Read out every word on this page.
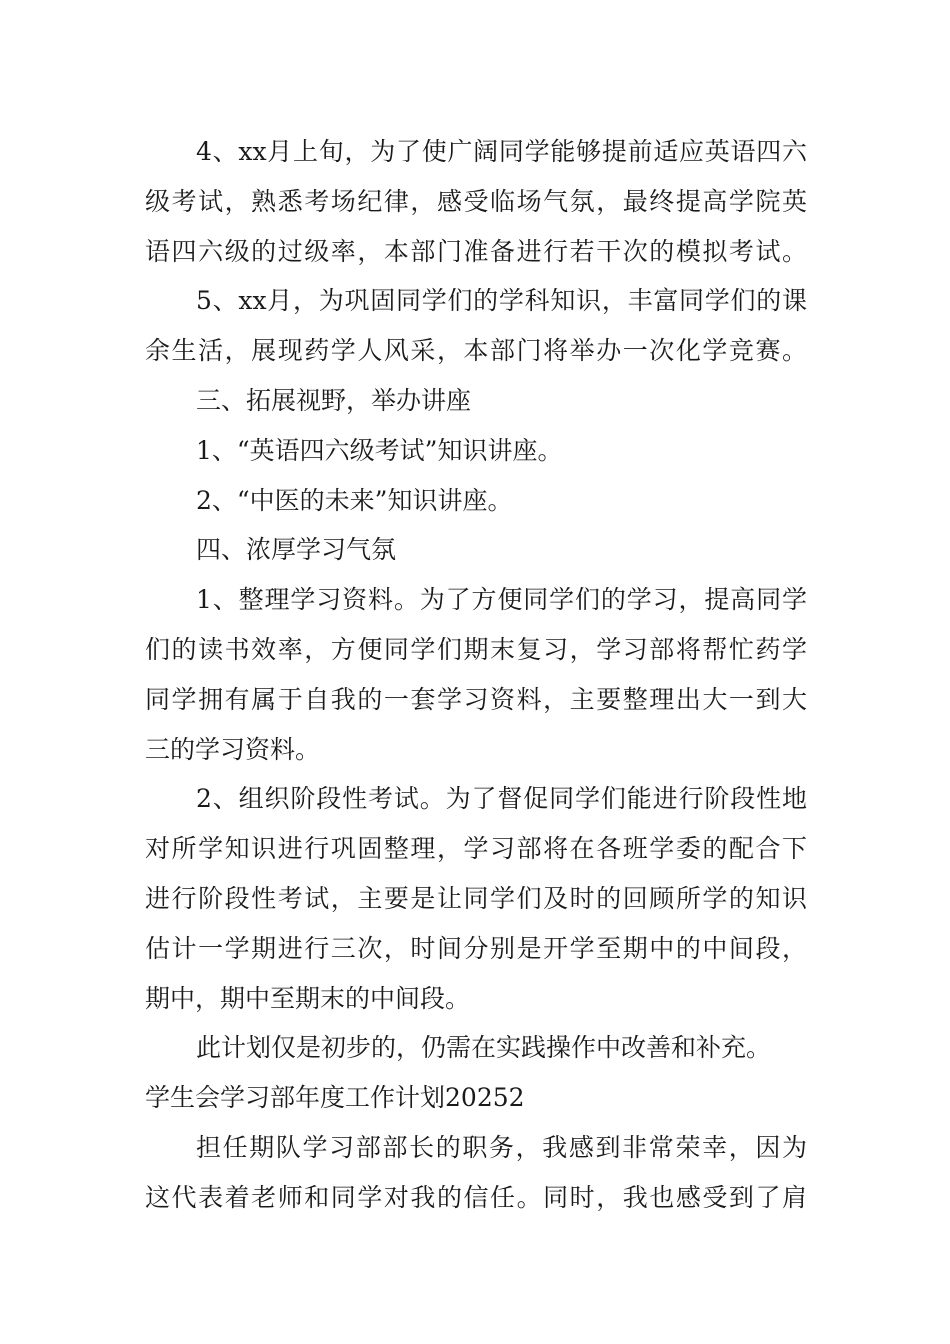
4、xx月上旬，为了使广阔同学能够提前适应英语四六
级考试，熟悉考场纪律，感受临场气氛，最终提高学院英
语四六级的过级率，本部门准备进行若干次的模拟考试。
5、xx月，为巩固同学们的学科知识，丰富同学们的课
余生活，展现药学人风采，本部门将举办一次化学竞赛。
三、拓展视野，举办讲座
1、“英语四六级考试”知识讲座。
2、“中医的未来”知识讲座。
四、浓厚学习气氛
1、整理学习资料。为了方便同学们的学习，提高同学
们的读书效率，方便同学们期末复习，学习部将帮忙药学
同学拥有属于自我的一套学习资料，主要整理出大一到大
三的学习资料。
2、组织阶段性考试。为了督促同学们能进行阶段性地
对所学知识进行巩固整理，学习部将在各班学委的配合下
进行阶段性考试，主要是让同学们及时的回顾所学的知识
估计一学期进行三次，时间分别是开学至期中的中间段，
期中，期中至期末的中间段。
此计划仅是初步的，仍需在实践操作中改善和补充。
学生会学习部年度工作计划20252
担任期队学习部部长的职务，我感到非常荣幸，因为
这代表着老师和同学对我的信任。同时，我也感受到了肩
